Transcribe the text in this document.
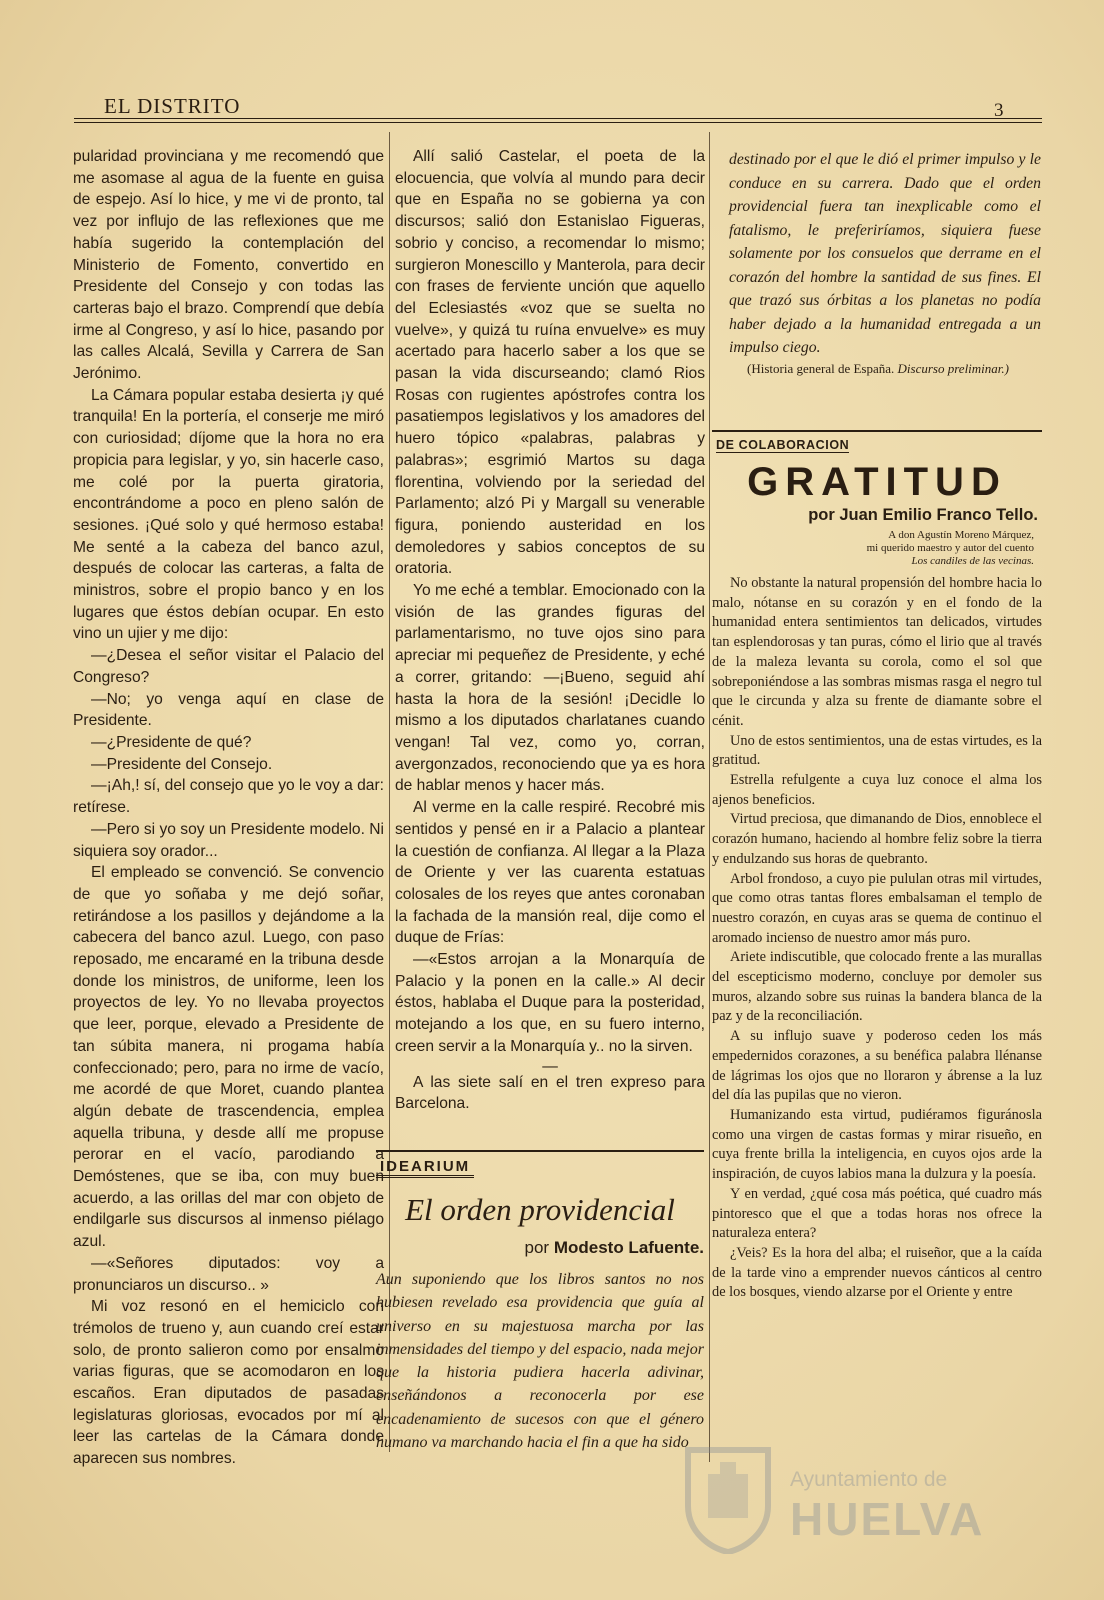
EL DISTRITO	3

pularidad provinciana y me recomendó que me asomase al agua de la fuente en guisa de espejo. Así lo hice, y me vi de pronto, tal vez por influjo de las reflexiones que me había sugerido la contemplación del Ministerio de Fomento, convertido en Presidente del Consejo y con todas las carteras bajo el brazo. Comprendí que debía irme al Congreso, y así lo hice, pasando por las calles Alcalá, Sevilla y Carrera de San Jerónimo.

La Cámara popular estaba desierta ¡y qué tranquila! En la portería, el conserje me miró con curiosidad; díjome que la hora no era propicia para legislar, y yo, sin hacerle caso, me colé por la puerta giratoria, encontrándome a poco en pleno salón de sesiones. ¡Qué solo y qué hermoso estaba! Me senté a la cabeza del banco azul, después de colocar las carteras, a falta de ministros, sobre el propio banco y en los lugares que éstos debían ocupar. En esto vino un ujier y me dijo:

—¿Desea el señor visitar el Palacio del Congreso?

—No; yo venga aquí en clase de Presidente.

—¿Presidente de qué?

—Presidente del Consejo.

—¡Ah,! sí, del consejo que yo le voy a dar: retírese.

—Pero si yo soy un Presidente modelo. Ni siquiera soy orador...

El empleado se convenció. Se convencio de que yo soñaba y me dejó soñar, retirándose a los pasillos y dejándome a la cabecera del banco azul. Luego, con paso reposado, me encaramé en la tribuna desde donde los ministros, de uniforme, leen los proyectos de ley. Yo no llevaba proyectos que leer, porque, elevado a Presidente de tan súbita manera, ni progama había confeccionado; pero, para no irme de vacío, me acordé de que Moret, cuando plantea algún debate de trascendencia, emplea aquella tribuna, y desde allí me propuse perorar en el vacío, parodiando a Demóstenes, que se iba, con muy buen acuerdo, a las orillas del mar con objeto de endilgarle sus discursos al inmenso piélago azul.

—«Señores diputados: voy a pronunciaros un discurso.. »

Mi voz resonó en el hemiciclo con trémolos de trueno y, aun cuando creí estar solo, de pronto salieron como por ensalmo varias figuras, que se acomodaron en los escaños. Eran diputados de pasadas legislaturas gloriosas, evocados por mí al leer las cartelas de la Cámara donde aparecen sus nombres.

Allí salió Castelar, el poeta de la elocuencia, que volvía al mundo para decir que en España no se gobierna ya con discursos; salió don Estanislao Figueras, sobrio y conciso, a recomendar lo mismo; surgieron Monescillo y Manterola, para decir con frases de ferviente unción que aquello del Eclesiastés «voz que se suelta no vuelve», y quizá tu ruína envuelve» es muy acertado para hacerlo saber a los que se pasan la vida discurseando; clamó Rios Rosas con rugientes apóstrofes contra los pasatiempos legislativos y los amadores del huero tópico «palabras, palabras y palabras»; esgrimió Martos su daga florentina, volviendo por la seriedad del Parlamento; alzó Pi y Margall su venerable figura, poniendo austeridad en los demoledores y sabios conceptos de su oratoria.

Yo me eché a temblar. Emocionado con la visión de las grandes figuras del parlamentarismo, no tuve ojos sino para apreciar mi pequeñez de Presidente, y eché a correr, gritando: —¡Bueno, seguid ahí hasta la hora de la sesión! ¡Decidle lo mismo a los diputados charlatanes cuando vengan! Tal vez, como yo, corran, avergonzados, reconociendo que ya es hora de hablar menos y hacer más.

Al verme en la calle respiré. Recobré mis sentidos y pensé en ir a Palacio a plantear la cuestión de confianza. Al llegar a la Plaza de Oriente y ver las cuarenta estatuas colosales de los reyes que antes coronaban la fachada de la mansión real, dije como el duque de Frías:

—«Estos arrojan a la Monarquía de Palacio y la ponen en la calle.» Al decir éstos, hablaba el Duque para la posteridad, motejando a los que, en su fuero interno, creen servir a la Monarquía y.. no la sirven.

—

A las siete salí en el tren expreso para Barcelona.

IDEARIUM
El orden providencial
por Modesto Lafuente.
Aun suponiendo que los libros santos no nos hubiesen revelado esa providencia que guía al universo en su majestuosa marcha por las inmensidades del tiempo y del espacio, nada mejor que la historia pudiera hacerla adivinar, enseñándonos a reconocerla por ese encadenamiento de sucesos con que el género humano va marchando hacia el fin a que ha sido

destinado por el que le dió el primer impulso y le conduce en su carrera. Dado que el orden providencial fuera tan inexplicable como el fatalismo, le preferiríamos, siquiera fuese solamente por los consuelos que derrame en el corazón del hombre la santidad de sus fines. El que trazó sus órbitas a los planetas no podía haber dejado a la humanidad entregada a un impulso ciego.

(Historia general de España. Discurso preliminar.)

DE COLABORACION
GRATITUD
por Juan Emilio Franco Tello.
A don Agustín Moreno Márquez,
mi querido maestro y autor del cuento
Los candiles de las vecinas.

No obstante la natural propensión del hombre hacia lo malo, nótanse en su corazón y en el fondo de la humanidad entera sentimientos tan delicados, virtudes tan esplendorosas y tan puras, cómo el lirio que al través de la maleza levanta su corola, como el sol que sobreponiéndose a las sombras mismas rasga el negro tul que le circunda y alza su frente de diamante sobre el cénit.

Uno de estos sentimientos, una de estas virtudes, es la gratitud.

Estrella refulgente a cuya luz conoce el alma los ajenos beneficios.

Virtud preciosa, que dimanando de Dios, ennoblece el corazón humano, haciendo al hombre feliz sobre la tierra y endulzando sus horas de quebranto.

Arbol frondoso, a cuyo pie pululan otras mil virtudes, que como otras tantas flores embalsaman el templo de nuestro corazón, en cuyas aras se quema de continuo el aromado incienso de nuestro amor más puro.

Ariete indiscutible, que colocado frente a las murallas del escepticismo moderno, concluye por demoler sus muros, alzando sobre sus ruinas la bandera blanca de la paz y de la reconciliación.

A su influjo suave y poderoso ceden los más empedernidos corazones, a su benéfica palabra llénanse de lágrimas los ojos que no lloraron y ábrense a la luz del día las pupilas que no vieron.

Humanizando esta virtud, pudiéramos figuránosla como una virgen de castas formas y mirar risueño, en cuya frente brilla la inteligencia, en cuyos ojos arde la inspiración, de cuyos labios mana la dulzura y la poesía.

Y en verdad, ¿qué cosa más poética, qué cuadro más pintoresco que el que a todas horas nos ofrece la naturaleza entera?

¿Veis? Es la hora del alba; el ruiseñor, que a la caída de la tarde vino a emprender nuevos cánticos al centro de los bosques, viendo alzarse por el Oriente y entre

Ayuntamiento de
HUELVA
